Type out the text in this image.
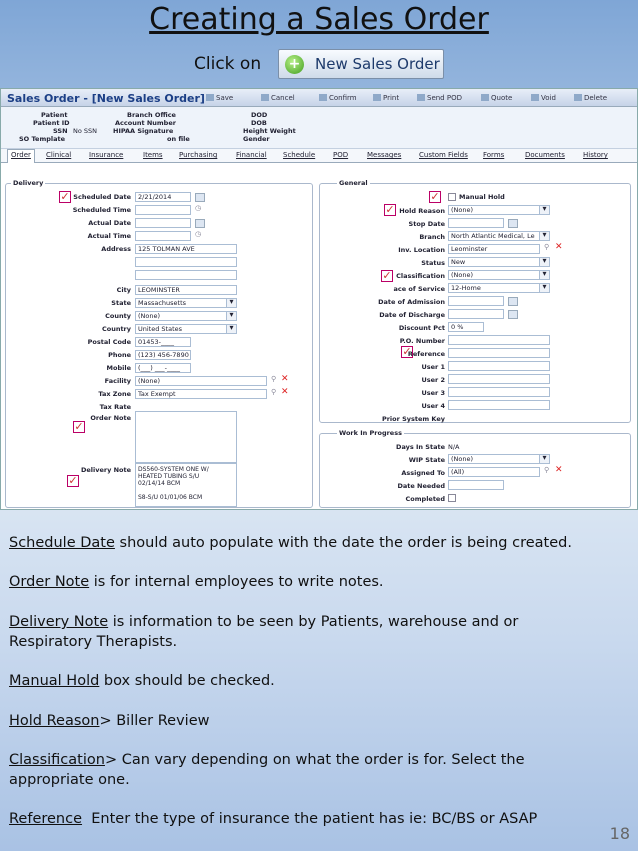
Creating a Sales Order
Click on + New Sales Order
Sales Order - [New Sales Order]	Save	Cancel	Confirm	Print	Send POD	Quote	Void	Delete
Patient
Patient ID
SSN No SSN
SO Template
Branch Office
Account Number
HIPAA Signature
on file
DOD
DOB
Height Weight
Gender
Order	Clinical	Insurance	Items Purchasing	Financial Schedule	POD	Messages	Custom Fields Forms	Documents	History
Delivery
✓ Scheduled Date	2/21/2014
Scheduled Time	◷
Actual Date
Actual Time	◷
Address	125 TOLMAN AVE
City	LEOMINSTER
State	Massachusetts ▾
County	(None) ▾
Country	United States ▾
Postal Code	01453-____
Phone	(123) 456-7890
Mobile	(___) ___-____
Facility	(None)	⚲ ✕
Tax Zone	Tax Exempt	⚲ ✕
Tax Rate
Order Note
✓
Delivery Note DS560-SYSTEM ONE W/
HEATED TUBING S/U
02/14/14 BCM
S8-S/U 01/01/06 BCM
✓
General
✓	Manual Hold
✓ Hold Reason (None) ▾
Stop Date
Branch North Atlantic Medical, Le ▾
Inv. Location Leominster	⚲ ✕
Status New ▾
✓ Classification (None) ▾
ace of Service 12-Home ▾
Date of Admission
Date of Discharge
Discount Pct 0 %
P.O. Number
✓
Reference
User 1
User 2
User 3
User 4
Prior System Key
Work In Progress
Days In State N/A
WIP State (None) ▾
Assigned To (All)	⚲ ✕
Date Needed
Completed
Schedule Date should auto populate with the date the order is being created.
Order Note is for internal employees to write notes.
Delivery Note is information to be seen by Patients, warehouse and or Respiratory Therapists.
Manual Hold box should be checked.
Hold Reason> Biller Review
Classification> Can vary depending on what the order is for. Select the appropriate one.
Reference  Enter the type of insurance the patient has ie: BC/BS or ASAP
18
